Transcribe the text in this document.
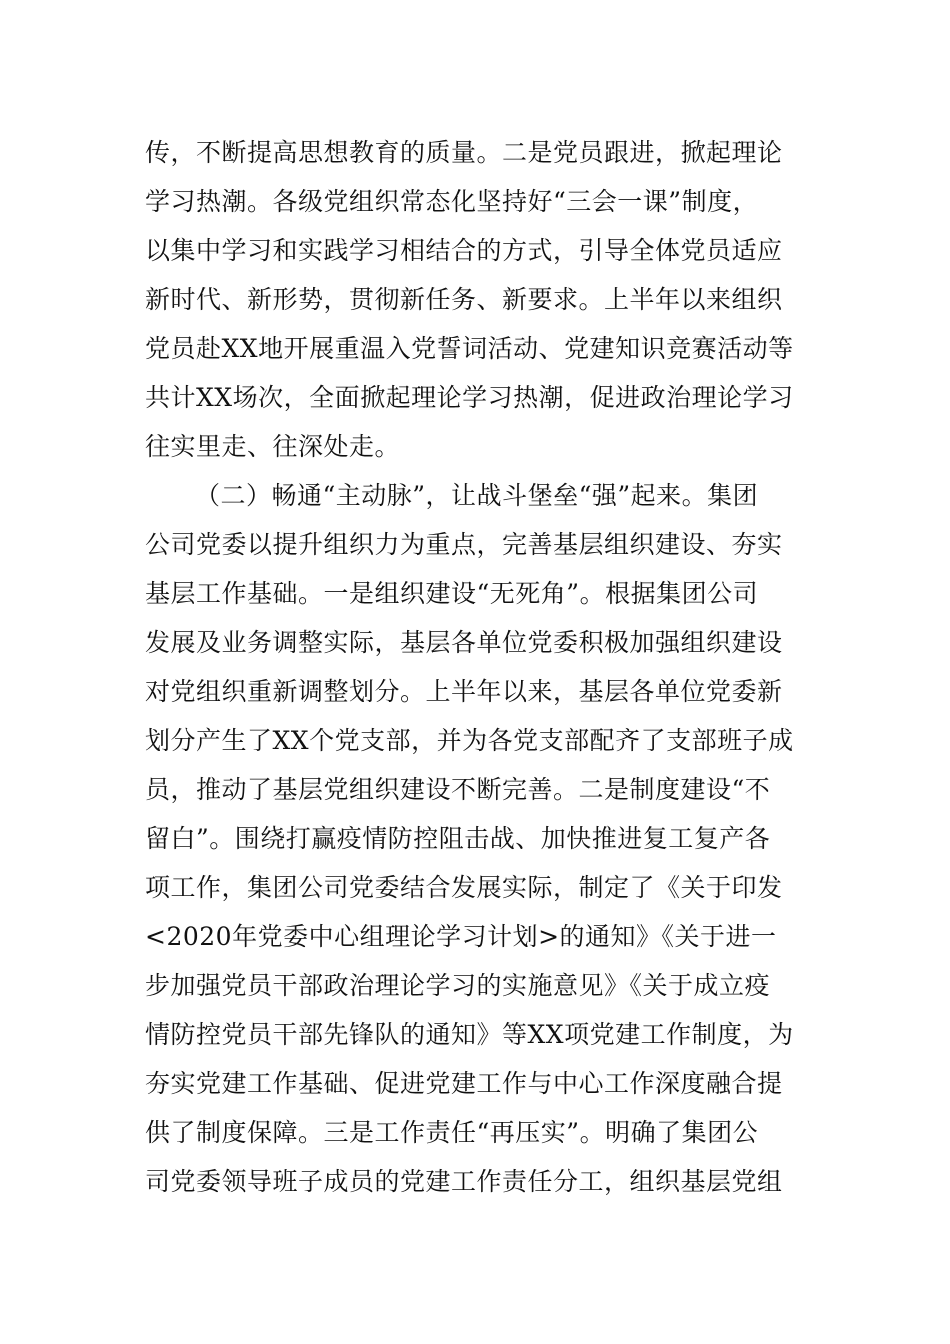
传，不断提高思想教育的质量。二是党员跟进，掀起理论
学习热潮。各级党组织常态化坚持好“三会一课”制度，
以集中学习和实践学习相结合的方式，引导全体党员适应
新时代、新形势，贯彻新任务、新要求。上半年以来组织
党员赴XX地开展重温入党誓词活动、党建知识竞赛活动等
共计XX场次，全面掀起理论学习热潮，促进政治理论学习
往实里走、往深处走。
（二）畅通“主动脉”，让战斗堡垒“强”起来。集团
公司党委以提升组织力为重点，完善基层组织建设、夯实
基层工作基础。一是组织建设“无死角”。根据集团公司
发展及业务调整实际，基层各单位党委积极加强组织建设
对党组织重新调整划分。上半年以来，基层各单位党委新
划分产生了XX个党支部，并为各党支部配齐了支部班子成
员，推动了基层党组织建设不断完善。二是制度建设“不
留白”。围绕打赢疫情防控阻击战、加快推进复工复产各
项工作，集团公司党委结合发展实际，制定了《关于印发
<2020年党委中心组理论学习计划>的通知》《关于进一
步加强党员干部政治理论学习的实施意见》《关于成立疫
情防控党员干部先锋队的通知》等XX项党建工作制度，为
夯实党建工作基础、促进党建工作与中心工作深度融合提
供了制度保障。三是工作责任“再压实”。明确了集团公
司党委领导班子成员的党建工作责任分工，组织基层党组
